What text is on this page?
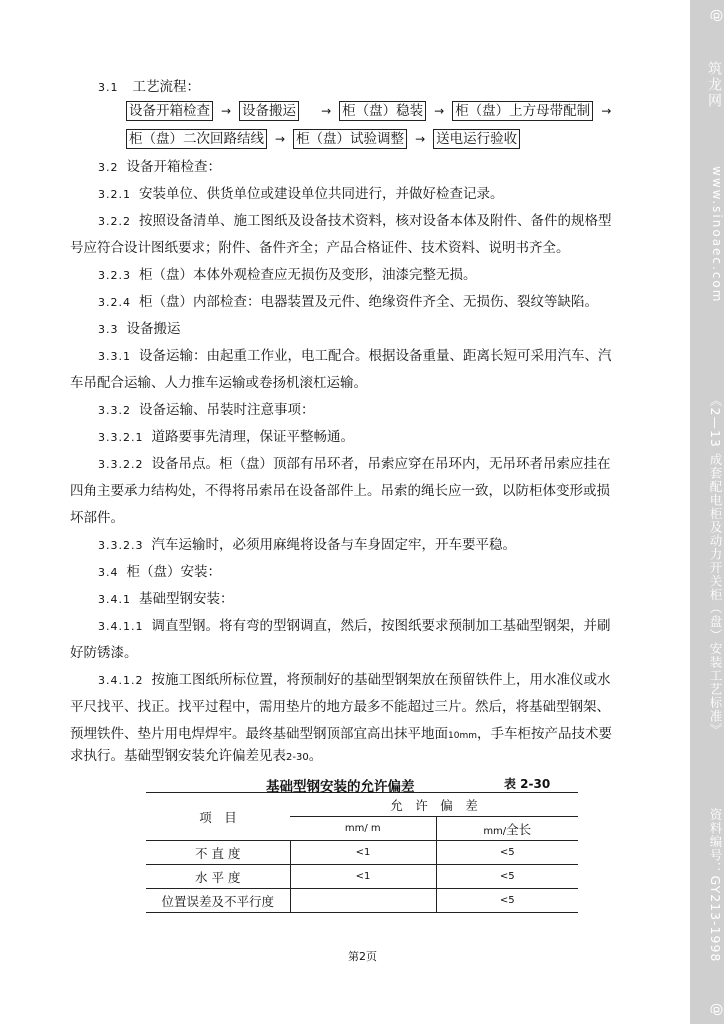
3.1 工艺流程：
设备开箱检查 → 设备搬运 → 柜（盘）稳装 → 柜（盘）上方母带配制 →
柜（盘）二次回路结线 → 柜（盘）试验调整 → 送电运行验收
3.2 设备开箱检查：
3.2.1 安装单位、供货单位或建设单位共同进行，并做好检查记录。
3.2.2 按照设备清单、施工图纸及设备技术资料，核对设备本体及附件、备件的规格型
号应符合设计图纸要求；附件、备件齐全；产品合格证件、技术资料、说明书齐全。
3.2.3 柜（盘）本体外观检查应无损伤及变形，油漆完整无损。
3.2.4 柜（盘）内部检查：电器装置及元件、绝缘资件齐全、无损伤、裂纹等缺陷。
3.3 设备搬运
3.3.1 设备运输：由起重工作业，电工配合。根据设备重量、距离长短可采用汽车、汽
车吊配合运输、人力推车运输或卷扬机滚杠运输。
3.3.2 设备运输、吊装时注意事项：
3.3.2.1 道路要事先清理，保证平整畅通。
3.3.2.2 设备吊点。柜（盘）顶部有吊环者，吊索应穿在吊环内，无吊环者吊索应挂在
四角主要承力结构处，不得将吊索吊在设备部件上。吊索的绳长应一致，以防柜体变形或损
坏部件。
3.3.2.3 汽车运输时，必须用麻绳将设备与车身固定牢，开车要平稳。
3.4 柜（盘）安装：
3.4.1 基础型钢安装：
3.4.1.1 调直型钢。将有弯的型钢调直，然后，按图纸要求预制加工基础型钢架，并刷
好防锈漆。
3.4.1.2 按施工图纸所标位置，将预制好的基础型钢架放在预留铁件上，用水准仪或水
平尺找平、找正。找平过程中，需用垫片的地方最多不能超过三片。然后，将基础型钢架、
预埋铁件、垫片用电焊焊牢。最终基础型钢顶部宜高出抹平地面10mm，手车柜按产品技术要
求执行。基础型钢安装允许偏差见表2-30。
基础型钢安装的允许偏差	表 2-30
项　目	允　许　偏　差	
	mm/ m	mm/全长
不 直 度	<1	<5
水 平 度	<1	<5
位置误差及不平行度		<5
第2页
@
筑龙网
www.sinoaec.com
《2—13 成套配电柜及动力开关柜（盘）安装工艺标准》
资料编号：GY213-1998
@
